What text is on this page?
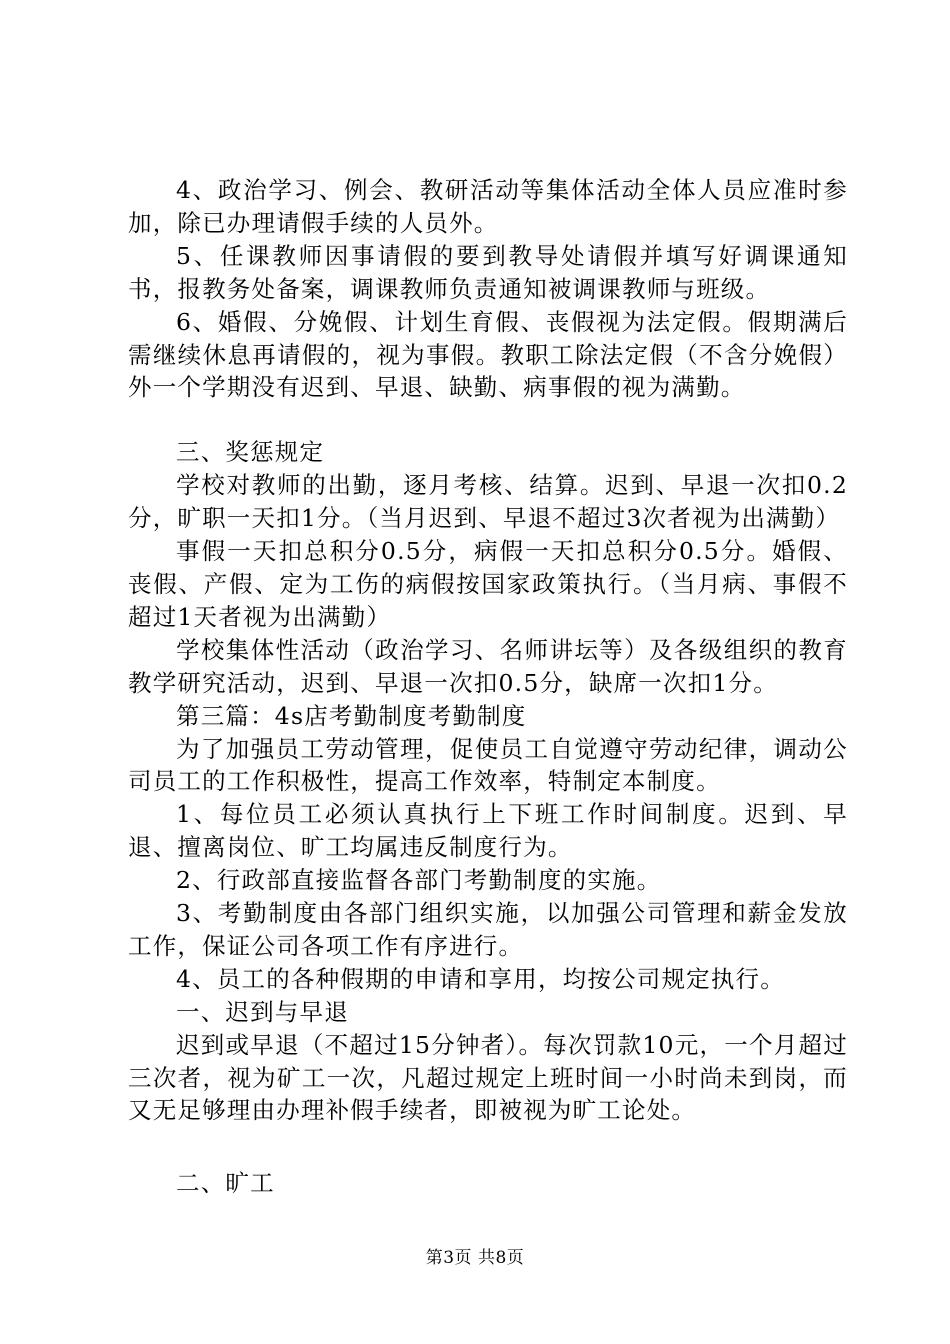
4、政治学习、例会、教研活动等集体活动全体人员应准时参加，除已办理请假手续的人员外。

5、任课教师因事请假的要到教导处请假并填写好调课通知书，报教务处备案，调课教师负责通知被调课教师与班级。

6、婚假、分娩假、计划生育假、丧假视为法定假。假期满后需继续休息再请假的，视为事假。教职工除法定假（不含分娩假）外一个学期没有迟到、早退、缺勤、病事假的视为满勤。

三、奖惩规定

学校对教师的出勤，逐月考核、结算。迟到、早退一次扣0.2分，旷职一天扣1分。（当月迟到、早退不超过3次者视为出满勤）

事假一天扣总积分0.5分，病假一天扣总积分0.5分。婚假、丧假、产假、定为工伤的病假按国家政策执行。（当月病、事假不超过1天者视为出满勤）

学校集体性活动（政治学习、名师讲坛等）及各级组织的教育教学研究活动，迟到、早退一次扣0.5分，缺席一次扣1分。

第三篇：4s店考勤制度考勤制度

为了加强员工劳动管理，促使员工自觉遵守劳动纪律，调动公司员工的工作积极性，提高工作效率，特制定本制度。

1、每位员工必须认真执行上下班工作时间制度。迟到、早退、擅离岗位、旷工均属违反制度行为。

2、行政部直接监督各部门考勤制度的实施。

3、考勤制度由各部门组织实施，以加强公司管理和薪金发放工作，保证公司各项工作有序进行。

4、员工的各种假期的申请和享用，均按公司规定执行。

一、迟到与早退

迟到或早退（不超过15分钟者）。每次罚款10元，一个月超过三次者，视为矿工一次，凡超过规定上班时间一小时尚未到岗，而又无足够理由办理补假手续者，即被视为旷工论处。

二、旷工

第3页 共8页
